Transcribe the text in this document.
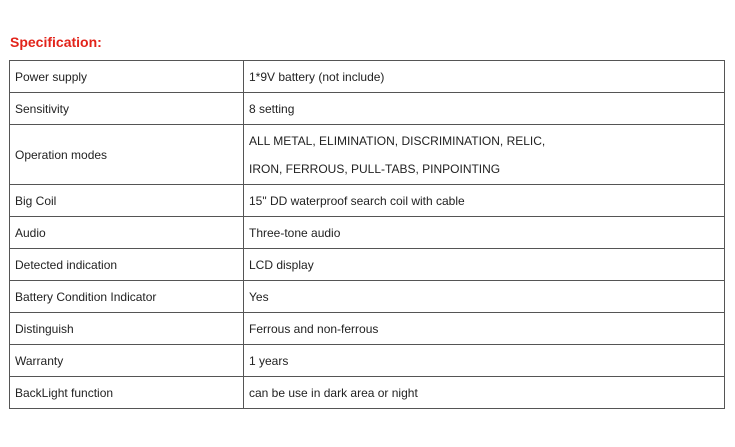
Specification:
Power supply	1*9V battery (not include)
Sensitivity	8 setting
Operation modes	ALL METAL, ELIMINATION, DISCRIMINATION, RELIC,
IRON, FERROUS, PULL-TABS, PINPOINTING

Big Coil	15" DD waterproof search coil with cable
Audio	Three-tone audio
Detected indication	LCD display
Battery Condition Indicator	Yes
Distinguish	Ferrous and non-ferrous
Warranty	1 years
BackLight function	can be use in dark area or night
